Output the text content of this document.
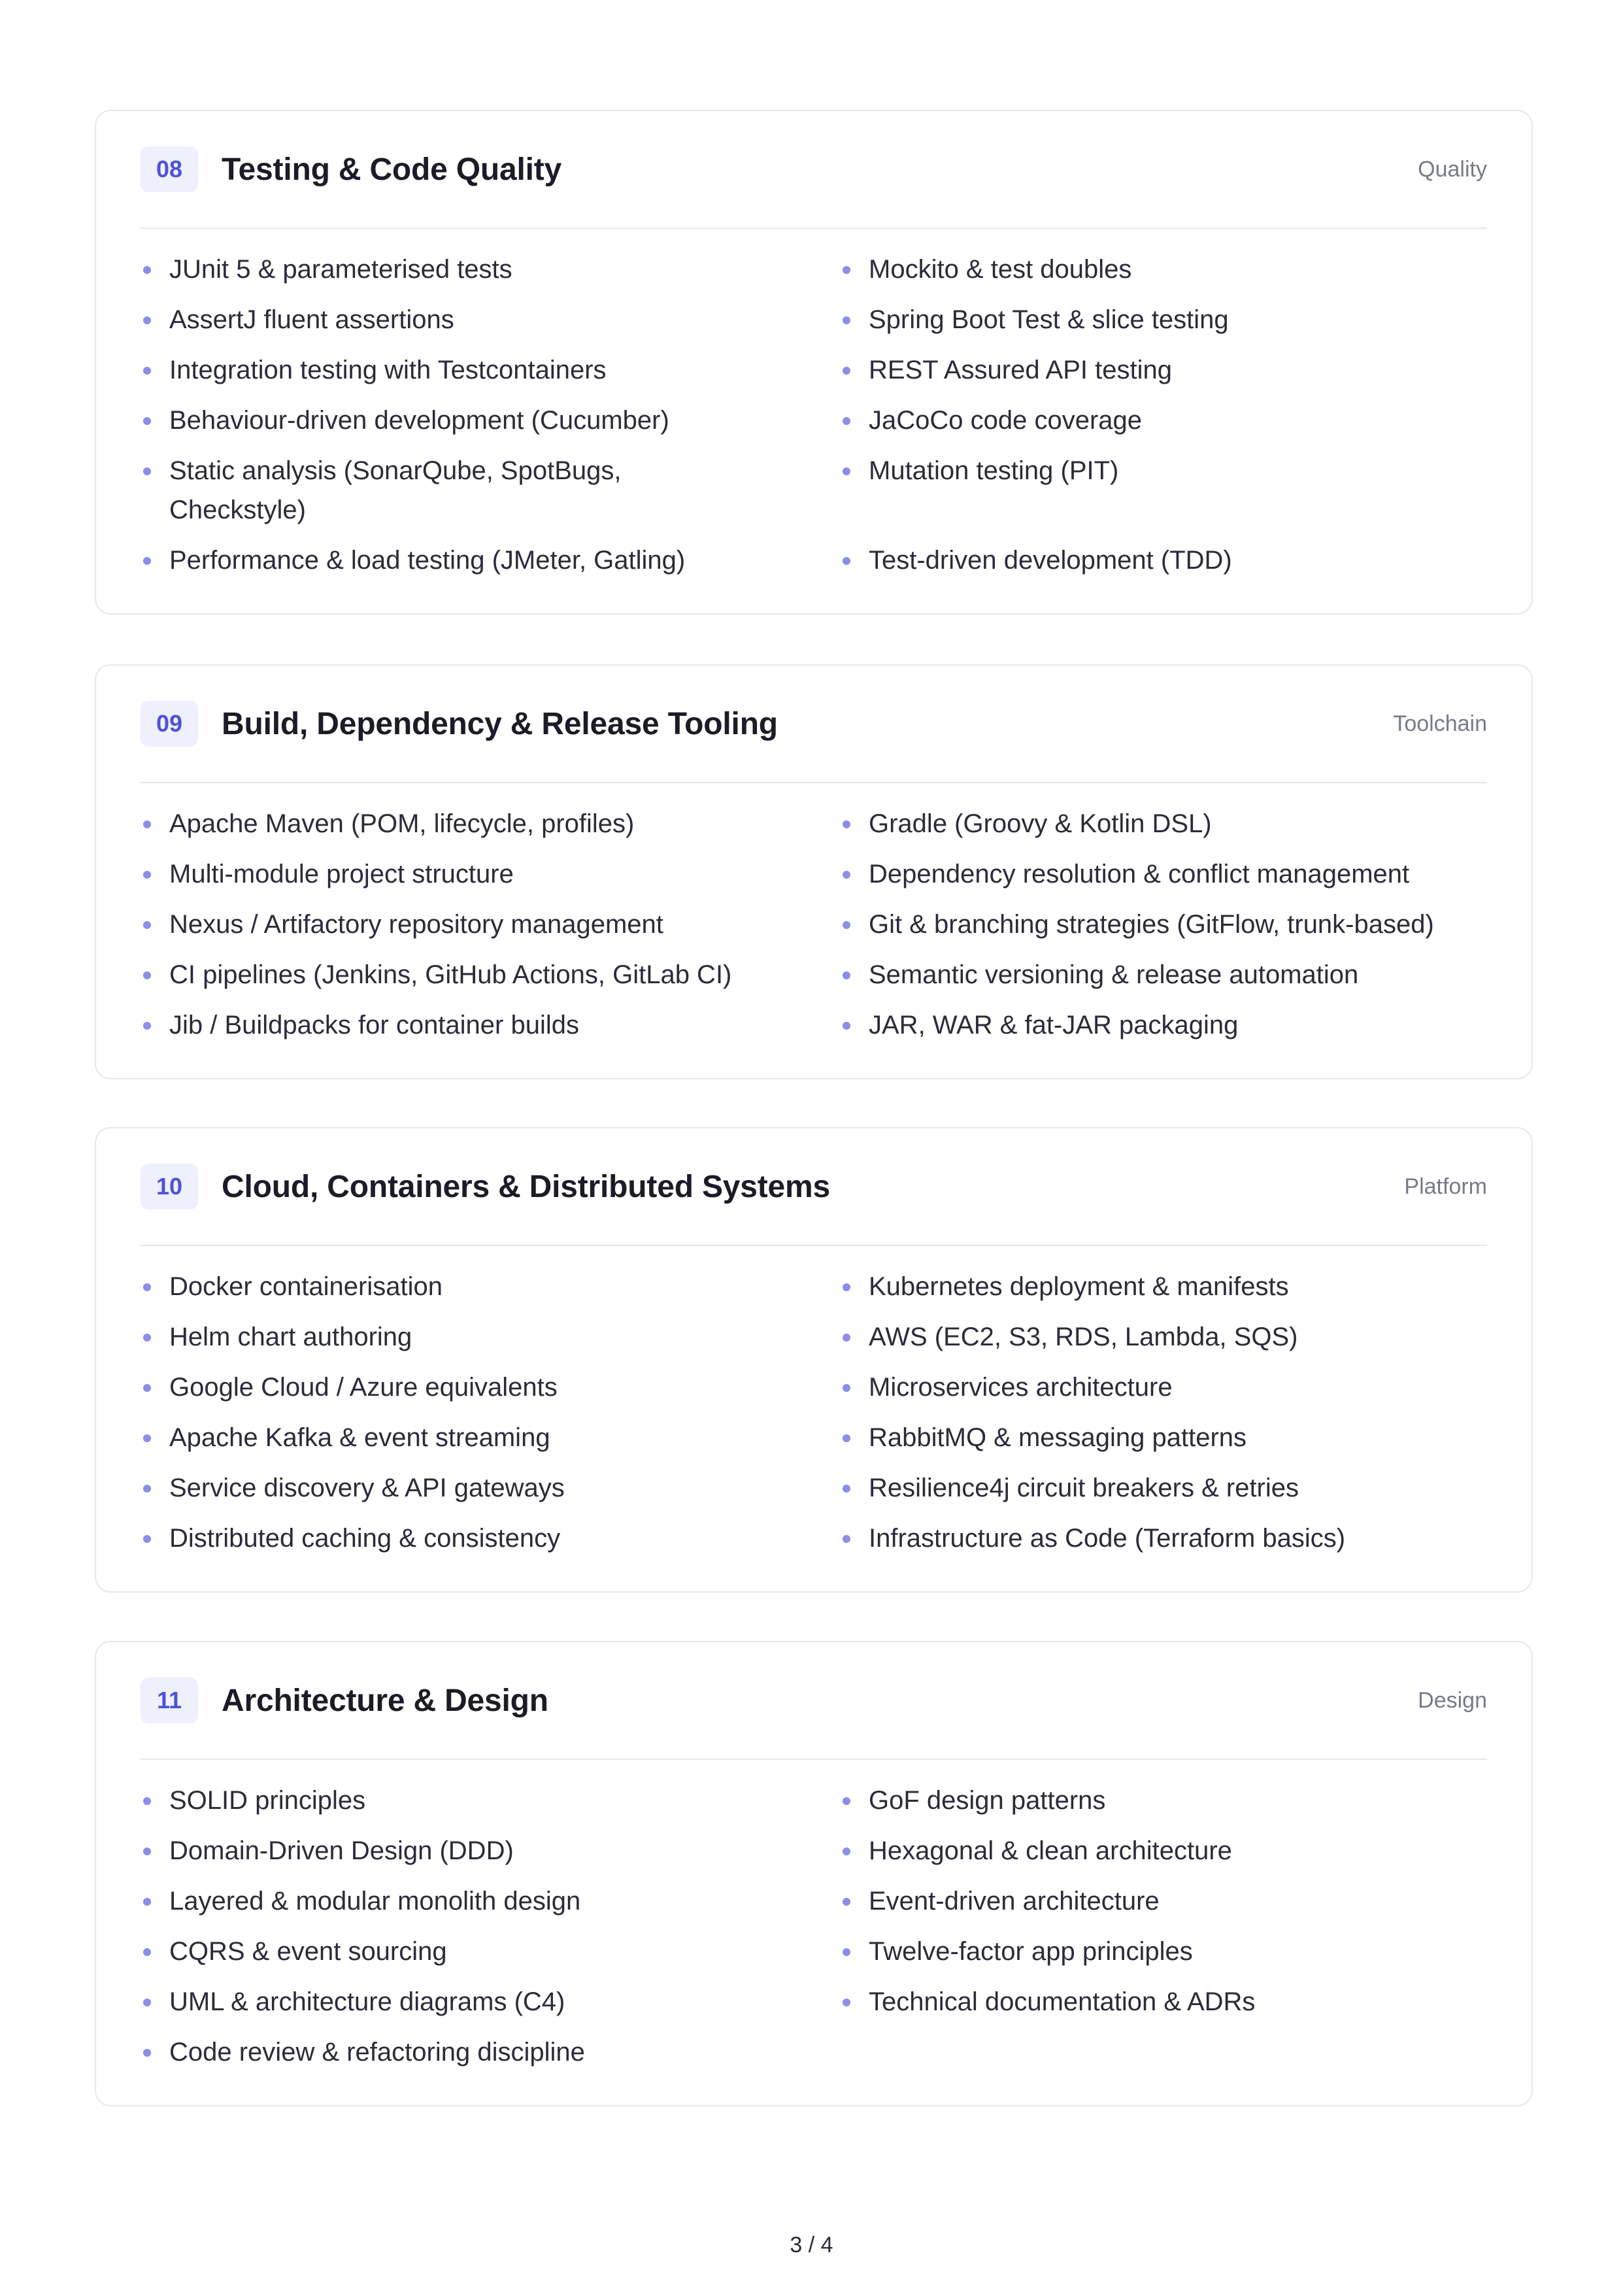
08	Testing & Code Quality	Quality
JUnit 5 & parameterised tests	Mockito & test doubles
AssertJ fluent assertions	Spring Boot Test & slice testing
Integration testing with Testcontainers	REST Assured API testing
Behaviour-driven development (Cucumber)	JaCoCo code coverage
Static analysis (SonarQube, SpotBugs, Checkstyle)
Mutation testing (PIT)
Performance & load testing (JMeter, Gatling)	Test-driven development (TDD)
09	Build, Dependency & Release Tooling	Toolchain
Apache Maven (POM, lifecycle, profiles)	Gradle (Groovy & Kotlin DSL)
Multi-module project structure	Dependency resolution & conflict management
Nexus / Artifactory repository management	Git & branching strategies (GitFlow, trunk-based)
CI pipelines (Jenkins, GitHub Actions, GitLab CI)	Semantic versioning & release automation
Jib / Buildpacks for container builds	JAR, WAR & fat-JAR packaging
10	Cloud, Containers & Distributed Systems	Platform
Docker containerisation	Kubernetes deployment & manifests
Helm chart authoring	AWS (EC2, S3, RDS, Lambda, SQS)
Google Cloud / Azure equivalents	Microservices architecture
Apache Kafka & event streaming	RabbitMQ & messaging patterns
Service discovery & API gateways	Resilience4j circuit breakers & retries
Distributed caching & consistency	Infrastructure as Code (Terraform basics)
11	Architecture & Design	Design
SOLID principles	GoF design patterns
Domain-Driven Design (DDD)	Hexagonal & clean architecture
Layered & modular monolith design	Event-driven architecture
CQRS & event sourcing	Twelve-factor app principles
UML & architecture diagrams (C4)	Technical documentation & ADRs
Code review & refactoring discipline
3 / 4
